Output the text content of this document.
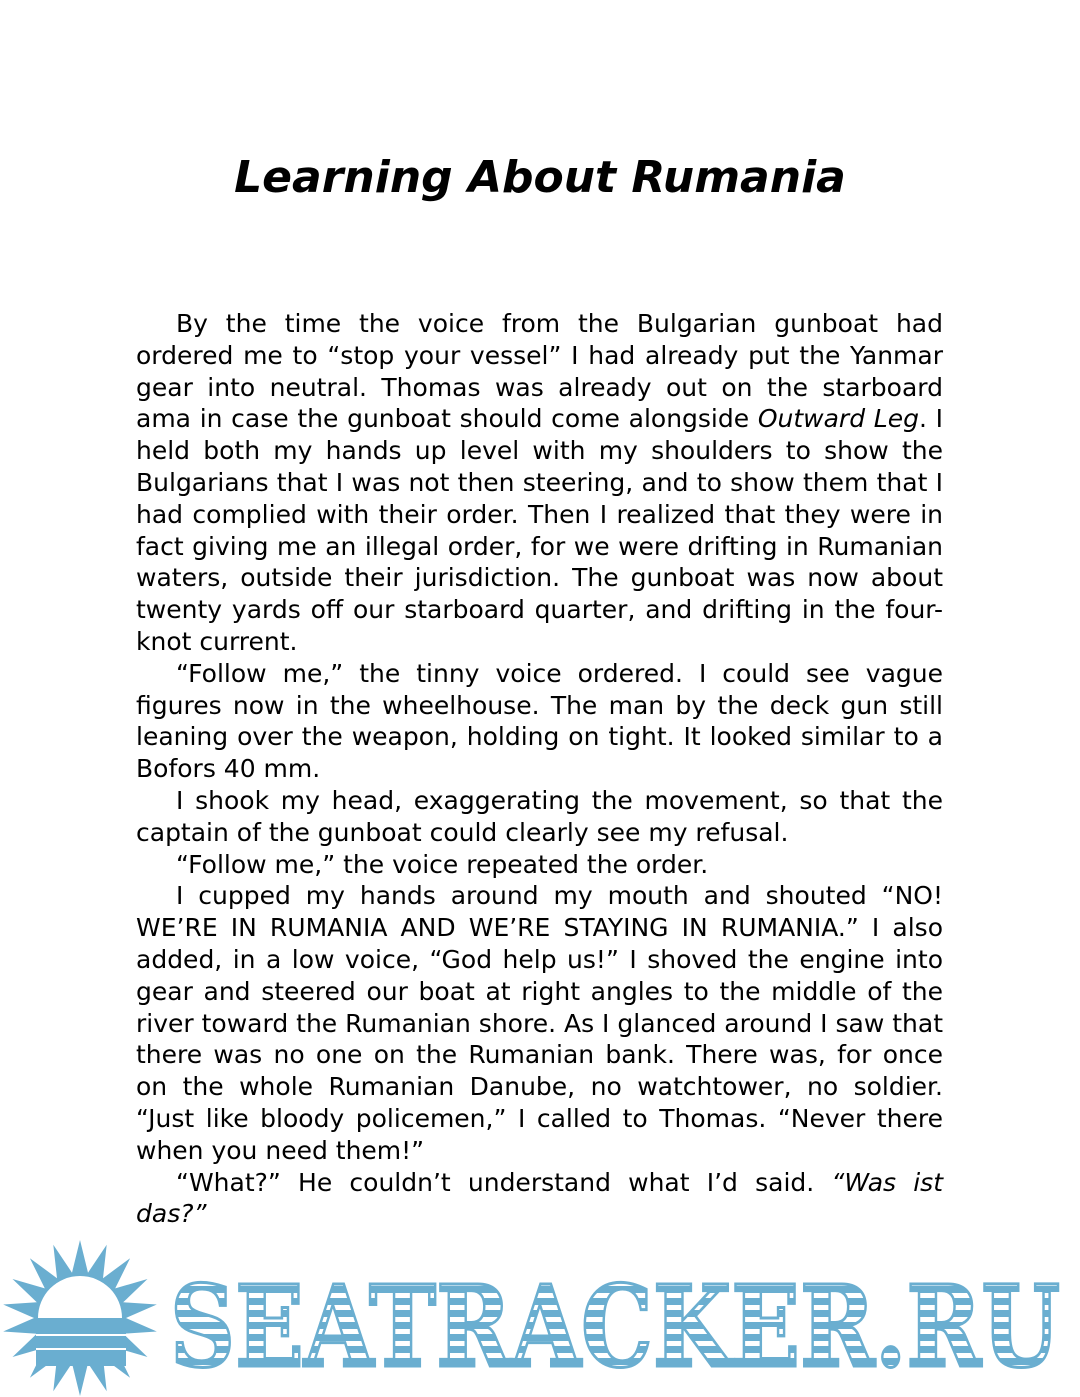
Learning About Rumania

By the time the voice from the Bulgarian gunboat had ordered me to “stop your vessel” I had already put the Yanmar gear into neutral. Thomas was already out on the starboard ama in case the gunboat should come alongside Outward Leg. I held both my hands up level with my shoulders to show the Bulgarians that I was not then steering, and to show them that I had complied with their order. Then I realized that they were in fact giving me an illegal order, for we were drifting in Rumanian waters, outside their jurisdiction. The gunboat was now about twenty yards off our starboard quarter, and drifting in the four-knot current.

“Follow me,” the tinny voice ordered. I could see vague figures now in the wheelhouse. The man by the deck gun still leaning over the weapon, holding on tight. It looked similar to a Bofors 40 mm.

I shook my head, exaggerating the movement, so that the captain of the gunboat could clearly see my refusal.

“Follow me,” the voice repeated the order.

I cupped my hands around my mouth and shouted “NO! WE’RE IN RUMANIA AND WE’RE STAYING IN RUMANIA.” I also added, in a low voice, “God help us!” I shoved the engine into gear and steered our boat at right angles to the middle of the river toward the Rumanian shore. As I glanced around I saw that there was no one on the Rumanian bank. There was, for once on the whole Rumanian Danube, no watchtower, no soldier. “Just like bloody policemen,” I called to Thomas. “Never there when you need them!”

“What?” He couldn’t understand what I’d said. “Was ist das?”

SEATRACKER.RU
